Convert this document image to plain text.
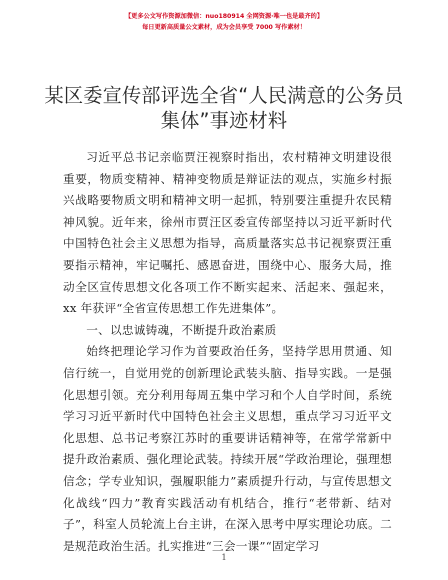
【更多公文写作资源加微信：nuo180914 全网资源·唯一也是最齐的】
每日更新高质量公文素材，成为会员享受 7000 写作素材！
某区委宣传部评选全省“人民满意的公务员集体”事迹材料

习近平总书记亲临贾汪视察时指出，农村精神文明建设很重要，物质变精神、精神变物质是辩证法的观点，实施乡村振兴战略要物质文明和精神文明一起抓，特别要注重提升农民精神风貌。近年来，徐州市贾汪区委宣传部坚持以习近平新时代中国特色社会主义思想为指导，高质量落实总书记视察贾汪重要指示精神，牢记嘱托、感恩奋进，围绕中心、服务大局，推动全区宣传思想文化各项工作不断实起来、活起来、强起来，xx 年获评“全省宣传思想工作先进集体”。

一、以忠诚铸魂，不断提升政治素质

始终把理论学习作为首要政治任务，坚持学思用贯通、知信行统一，自觉用党的创新理论武装头脑、指导实践。一是强化思想引领。充分利用每周五集中学习和个人自学时间，系统学习习近平新时代中国特色社会主义思想，重点学习习近平文化思想、总书记考察江苏时的重要讲话精神等，在常学常新中提升政治素质、强化理论武装。持续开展“学政治理论，强理想信念；学专业知识，强履职能力”素质提升行动，与宣传思想文化战线“四力”教育实践活动有机结合，推行“老带新、结对子”，科室人员轮流上台主讲，在深入思考中厚实理论功底。二是规范政治生活。扎实推进“三会一课”“固定学习

1
